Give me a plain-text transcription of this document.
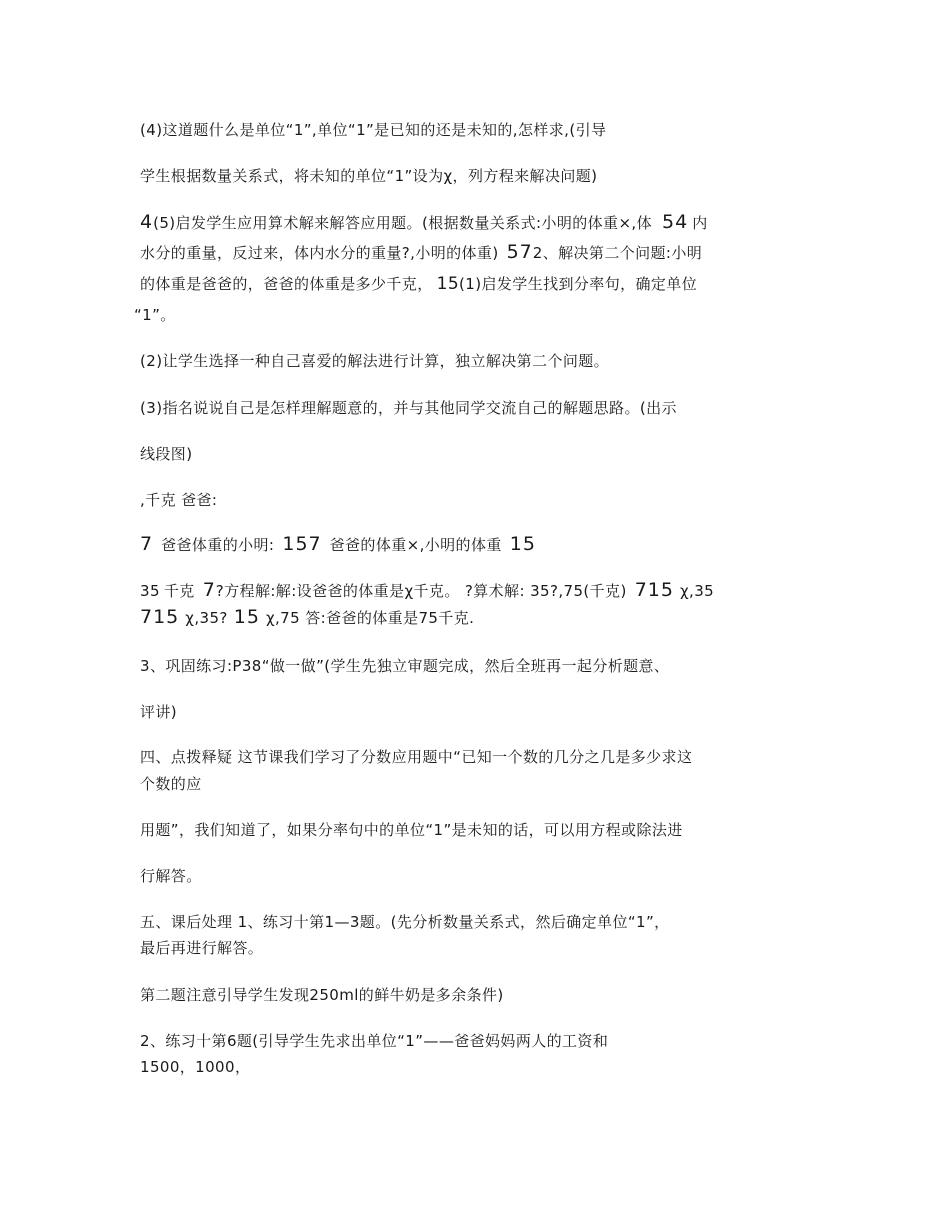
(4)这道题什么是单位“1”,单位“1”是已知的还是未知的,怎样求,(引导
学生根据数量关系式，将未知的单位“1”设为χ，列方程来解决问题)
4(5)启发学生应用算术解来解答应用题。(根据数量关系式:小明的体重×,体 54 内
水分的重量，反过来，体内水分的重量?,小明的体重) 572、解决第二个问题:小明
的体重是爸爸的，爸爸的体重是多少千克， 15(1)启发学生找到分率句，确定单位
“1”。
(2)让学生选择一种自己喜爱的解法进行计算，独立解决第二个问题。
(3)指名说说自己是怎样理解题意的，并与其他同学交流自己的解题思路。(出示
线段图)
,千克 爸爸:
7 爸爸体重的小明: 157 爸爸的体重×,小明的体重 15
35 千克 7?方程解:解:设爸爸的体重是χ千克。 ?算术解: 35?,75(千克) 715 χ,35
715 χ,35? 15 χ,75 答:爸爸的体重是75千克.
3、巩固练习:P38“做一做”(学生先独立审题完成，然后全班再一起分析题意、
评讲)
四、点拨释疑 这节课我们学习了分数应用题中“已知一个数的几分之几是多少求这
个数的应
用题”，我们知道了，如果分率句中的单位“1”是未知的话，可以用方程或除法进
行解答。
五、课后处理 1、练习十第1—3题。(先分析数量关系式，然后确定单位“1”，
最后再进行解答。
第二题注意引导学生发现250ml的鲜牛奶是多余条件)
2、练习十第6题(引导学生先求出单位“1”——爸爸妈妈两人的工资和
1500，1000，
